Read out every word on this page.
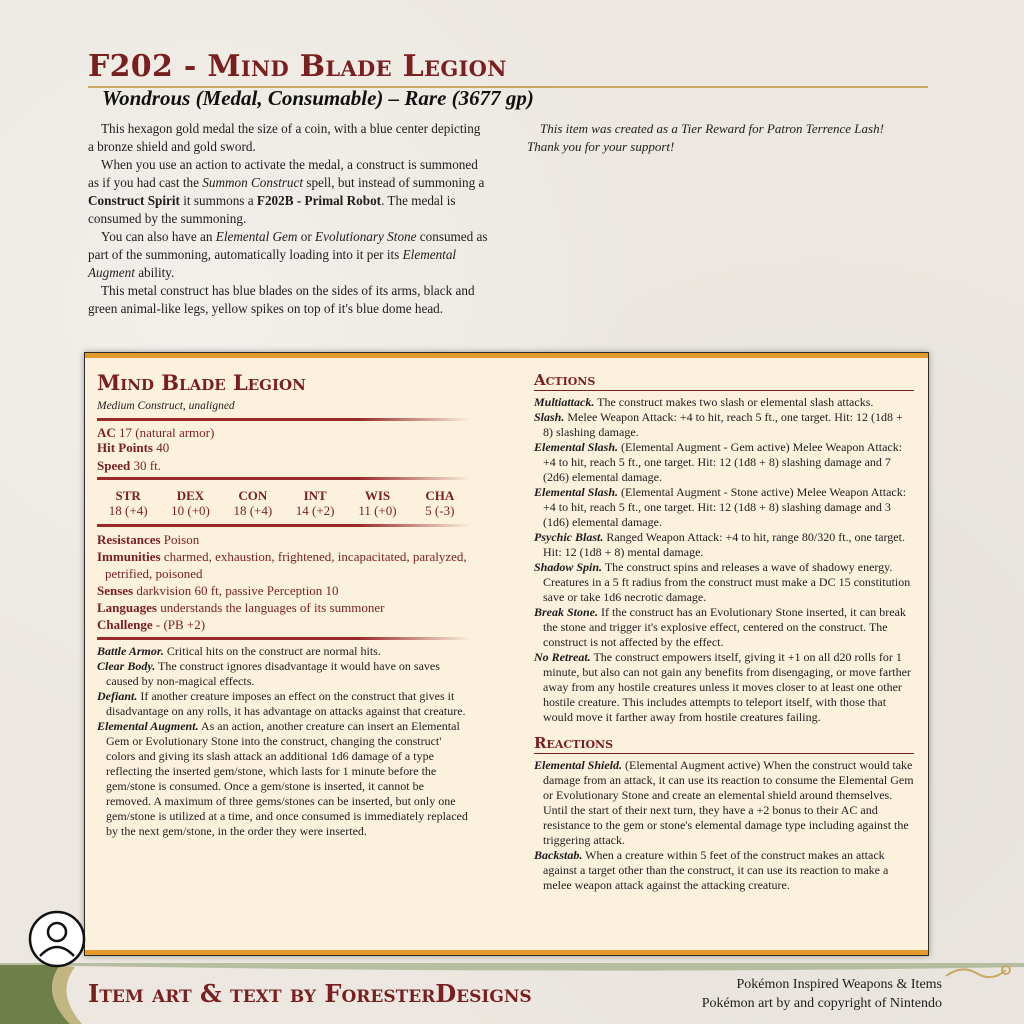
F202 - Mind Blade Legion
Wondrous (Medal, Consumable) – Rare (3677 gp)

This hexagon gold medal the size of a coin, with a blue center depicting a bronze shield and gold sword.

When you use an action to activate the medal, a construct is summoned as if you had cast the Summon Construct spell, but instead of summoning a Construct Spirit it summons a F202B - Primal Robot. The medal is consumed by the summoning.

You can also have an Elemental Gem or Evolutionary Stone consumed as part of the summoning, automatically loading into it per its Elemental Augment ability.

This metal construct has blue blades on the sides of its arms, black and green animal-like legs, yellow spikes on top of it's blue dome head.

This item was created as a Tier Reward for Patron Terrence Lash!

Thank you for your support!
Mind Blade Legion
Medium Construct, unaligned
AC 17 (natural armor)
Hit Points 40
Speed 30 ft.
STR
18 (+4)
DEX
10 (+0)
CON
18 (+4)
INT
14 (+2)
WIS
11 (+0)
CHA
5 (-3)
Resistances Poison
Immunities charmed, exhaustion, frightened, incapacitated, paralyzed, petrified, poisoned
Senses darkvision 60 ft, passive Perception 10
Languages understands the languages of its summoner
Challenge - (PB +2)

Battle Armor. Critical hits on the construct are normal hits.

Clear Body. The construct ignores disadvantage it would have on saves caused by non-magical effects.

Defiant. If another creature imposes an effect on the construct that gives it disadvantage on any rolls, it has advantage on attacks against that creature.

Elemental Augment. As an action, another creature can insert an Elemental Gem or Evolutionary Stone into the construct, changing the construct' colors and giving its slash attack an additional 1d6 damage of a type reflecting the inserted gem/stone, which lasts for 1 minute before the gem/stone is consumed. Once a gem/stone is inserted, it cannot be removed. A maximum of three gems/stones can be inserted, but only one gem/stone is utilized at a time, and once consumed is immediately replaced by the next gem/stone, in the order they were inserted.

Actions

Multiattack. The construct makes two slash or elemental slash attacks.

Slash. Melee Weapon Attack: +4 to hit, reach 5 ft., one target. Hit: 12 (1d8 + 8) slashing damage.

Elemental Slash. (Elemental Augment - Gem active) Melee Weapon Attack: +4 to hit, reach 5 ft., one target. Hit: 12 (1d8 + 8) slashing damage and 7 (2d6) elemental damage.

Elemental Slash. (Elemental Augment - Stone active) Melee Weapon Attack: +4 to hit, reach 5 ft., one target. Hit: 12 (1d8 + 8) slashing damage and 3 (1d6) elemental damage.

Psychic Blast. Ranged Weapon Attack: +4 to hit, range 80/320 ft., one target. Hit: 12 (1d8 + 8) mental damage.

Shadow Spin. The construct spins and releases a wave of shadowy energy. Creatures in a 5 ft radius from the construct must make a DC 15 constitution save or take 1d6 necrotic damage.

Break Stone. If the construct has an Evolutionary Stone inserted, it can break the stone and trigger it's explosive effect, centered on the construct. The construct is not affected by the effect.

No Retreat. The construct empowers itself, giving it +1 on all d20 rolls for 1 minute, but also can not gain any benefits from disengaging, or move farther away from any hostile creatures unless it moves closer to at least one other hostile creature. This includes attempts to teleport itself, with those that would move it farther away from hostile creatures failing.

Reactions

Elemental Shield. (Elemental Augment active) When the construct would take damage from an attack, it can use its reaction to consume the Elemental Gem or Evolutionary Stone and create an elemental shield around themselves. Until the start of their next turn, they have a +2 bonus to their AC and resistance to the gem or stone's elemental damage type including against the triggering attack.

Backstab. When a creature within 5 feet of the construct makes an attack against a target other than the construct, it can use its reaction to make a melee weapon attack against the attacking creature.

Item art & text by ForesterDesigns	Pokémon Inspired Weapons & Items
Pokémon art by and copyright of Nintendo
